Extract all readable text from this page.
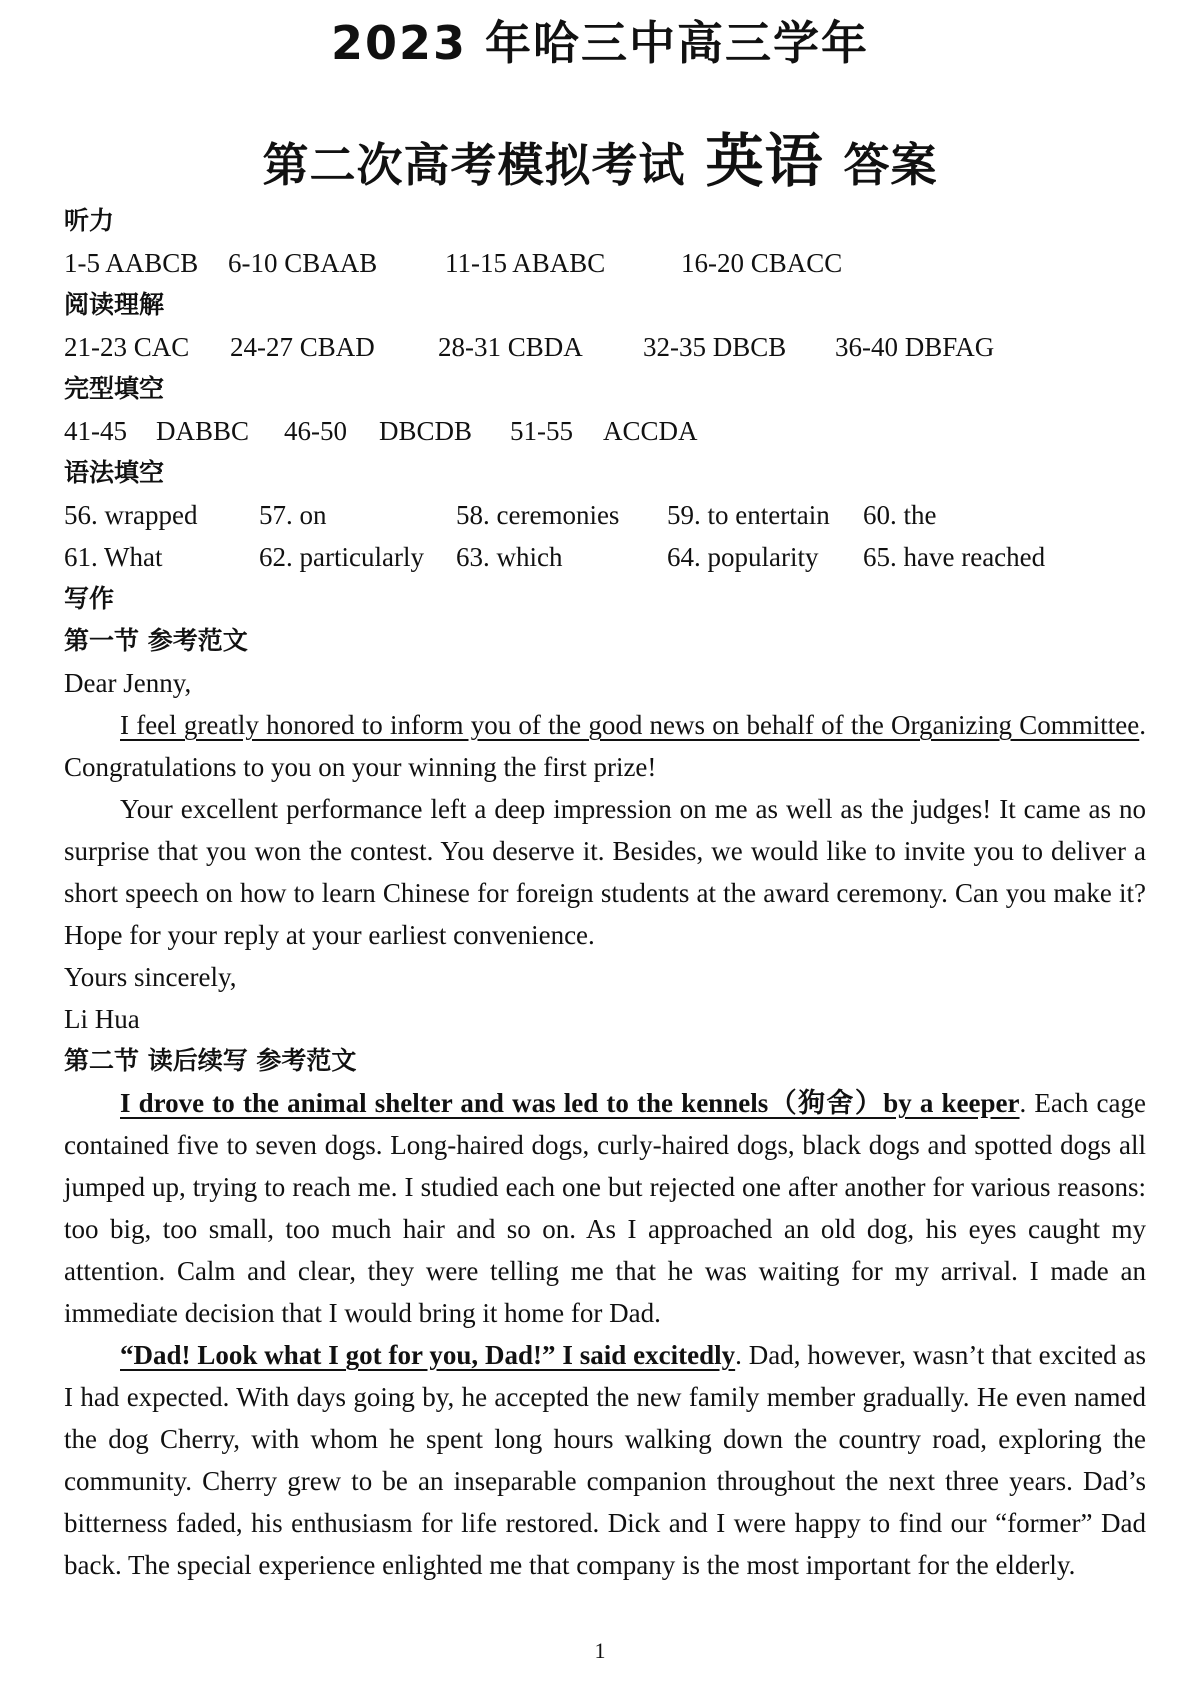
2023 年哈三中高三学年
第二次高考模拟考试 英语 答案
听力
1-5 AABCB	6-10 CBAAB	11-15 ABABC	16-20 CBACC
阅读理解
21-23 CAC	24-27 CBAD	28-31 CBDA	32-35 DBCB	36-40 DBFAG
完型填空
41-45	DABBC	46-50	DBCDB	51-55	ACCDA
语法填空
56. wrapped	57. on	58. ceremonies	59. to entertain	60. the
61. What	62. particularly	63. which	64. popularity	65. have reached
写作
第一节 参考范文
Dear Jenny,
I feel greatly honored to inform you of the good news on behalf of the Organizing Committee. Congratulations to you on your winning the first prize!
Your excellent performance left a deep impression on me as well as the judges! It came as no surprise that you won the contest. You deserve it. Besides, we would like to invite you to deliver a short speech on how to learn Chinese for foreign students at the award ceremony. Can you make it? Hope for your reply at your earliest convenience.
Yours sincerely,
Li Hua
第二节 读后续写 参考范文
I drove to the animal shelter and was led to the kennels（狗舍）by a keeper. Each cage contained five to seven dogs. Long-haired dogs, curly-haired dogs, black dogs and spotted dogs all jumped up, trying to reach me. I studied each one but rejected one after another for various reasons: too big, too small, too much hair and so on. As I approached an old dog, his eyes caught my attention. Calm and clear, they were telling me that he was waiting for my arrival. I made an immediate decision that I would bring it home for Dad.
“Dad! Look what I got for you, Dad!” I said excitedly. Dad, however, wasn’t that excited as I had expected. With days going by, he accepted the new family member gradually. He even named the dog Cherry, with whom he spent long hours walking down the country road, exploring the community. Cherry grew to be an inseparable companion throughout the next three years. Dad’s bitterness faded, his enthusiasm for life restored. Dick and I were happy to find our “former” Dad back. The special experience enlighted me that company is the most important for the elderly.
1
